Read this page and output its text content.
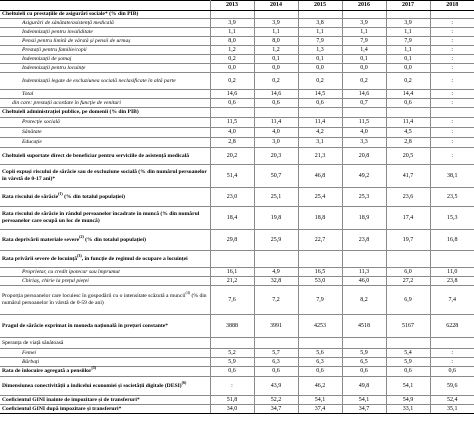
	2013	2014	2015	2016	2017	2018
Cheltuieli cu prestațiile de asigurări sociale* (% din PIB)						
Asigurări de sănătate/asistență medicală	3,9	3,9	3,8	3,9	3,9	:
Indemnizații pentru invaliditate	1,1	1,1	1,1	1,1	1,1	:
Pensii pentru limită de vârstă și pensii de urmaș	8,0	8,0	7,9	7,9	7,9	:
Prestații pentru familie/copii	1,2	1,2	1,3	1,4	1,1	:
Indemnizații de șomaj	0,2	0,1	0,1	0,1	0,1	:
Indemnizații pentru locuințe	0,0	0,0	0,0	0,0	0,0	:
Indemnizații legate de excluziunea socială neclasificate în altă parte	0,2	0,2	0,2	0,2	0,2	:
Total	14,6	14,6	14,5	14,6	14,4	:
din care: prestații acordate în funcție de venituri	0,6	0,6	0,6	0,7	0,6	:
Cheltuieli administrației publice, pe domenii (% din PIB)						
Protecție socială	11,5	11,4	11,4	11,5	11,4	:
Sănătate	4,0	4,0	4,2	4,0	4,5	:
Educație	2,8	3,0	3,1	3,3	2,8	:
Cheltuieli suportate direct de beneficiar pentru serviciile de asistență medicală	20,2	20,3	21,3	20,8	20,5	:
Copii expuși riscului de sărăcie sau de excluziune socială (% din numărul persoanelor în vârstă de 0-17 ani)*	51,4	50,7	46,8	49,2	41,7	38,1
Rata riscului de sărăcie$^{(1)}$ (% din totalul populației)	23,0	25,1	25,4	25,3	23,6	23,5
Rata riscului de sărăcie în rândul persoanelor încadrate în muncă (% din numărul persoanelor care ocupă un loc de muncă)	18,4	19,8	18,8	18,9	17,4	15,3
Rata deprivării materiale severe$^{(2)}$ (% din totalul populației)	29,8	25,9	22,7	23,8	19,7	16,8
Rata privării severe de locuință$^{(3)}$, în funcție de regimul de ocupare a locuinței						
Proprietar, cu credit ipotecar sau împrumut	16,1	4,9	16,5	11,3	6,0	11,0
Chiriaș, chirie la prețul pieței	21,2	32,8	53,0	46,0	27,2	23,8
Proporția persoanelor care locuiesc în gospodării cu o intensitate scăzută a muncii$^{(4)}$ (% din numărul persoanelor în vârstă de 0-59 de ani)	7,6	7,2	7,9	8,2	6,9	7,4
Pragul de sărăcie exprimat în moneda națională în prețuri constante*	3888	3991	4253	4518	5167	6228
Speranța de viață sănătoasă						
Femei	5,2	5,7	5,6	5,9	5,4	:
Bărbați	5,9	6,3	6,3	6,5	5,9	:
Rata de înlocuire agregată a pensiilor$^{(5)}$	0,6	0,6	0,6	0,6	0,6	0,6
Dimensiunea conectivității a indicelui economiei și societății digitale (DESI)$^{(6)}$	:	43,9	46,2	49,8	54,1	59,6
Coeficientul GINI înainte de impozitare și de transferuri*	51,8	52,2	54,1	54,1	54,9	52,4
Coeficientul GINI după impozitare și transferuri*	34,0	34,7	37,4	34,7	33,1	35,1
